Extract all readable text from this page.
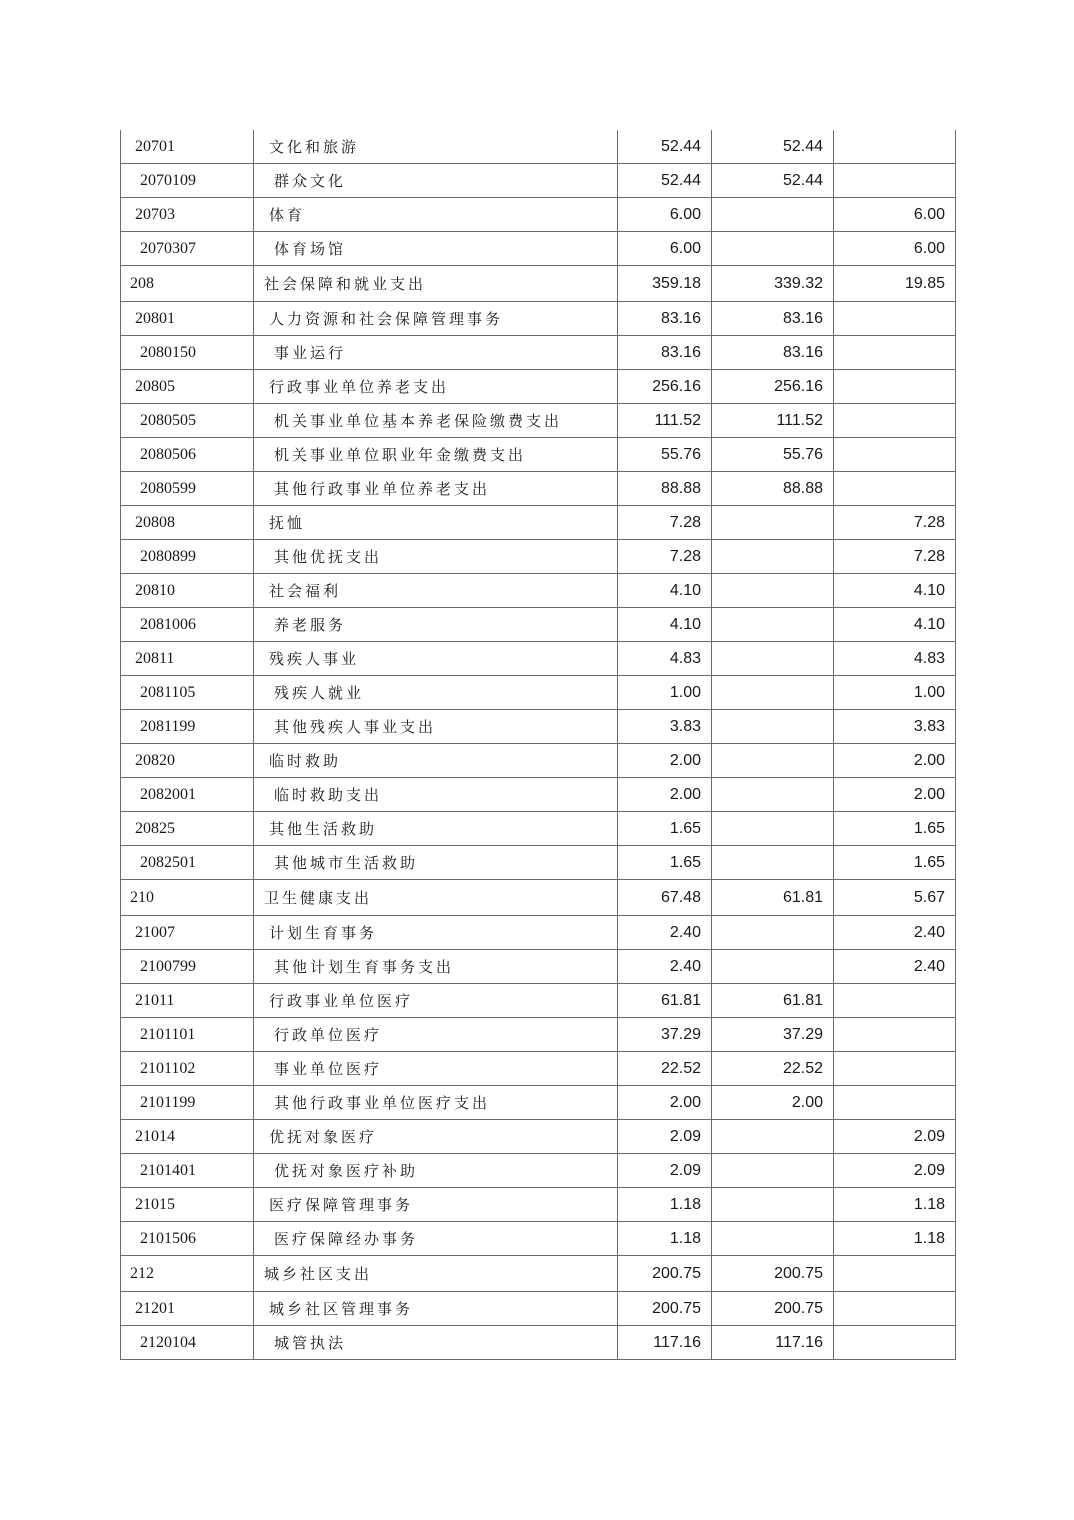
20701	文化和旅游	52.44	52.44	
2070109	群众文化	52.44	52.44	
20703	体育	6.00		6.00
2070307	体育场馆	6.00		6.00
208	社会保障和就业支出	359.18	339.32	19.85
20801	人力资源和社会保障管理事务	83.16	83.16	
2080150	事业运行	83.16	83.16	
20805	行政事业单位养老支出	256.16	256.16	
2080505	机关事业单位基本养老保险缴费支出	111.52	111.52	
2080506	机关事业单位职业年金缴费支出	55.76	55.76	
2080599	其他行政事业单位养老支出	88.88	88.88	
20808	抚恤	7.28		7.28
2080899	其他优抚支出	7.28		7.28
20810	社会福利	4.10		4.10
2081006	养老服务	4.10		4.10
20811	残疾人事业	4.83		4.83
2081105	残疾人就业	1.00		1.00
2081199	其他残疾人事业支出	3.83		3.83
20820	临时救助	2.00		2.00
2082001	临时救助支出	2.00		2.00
20825	其他生活救助	1.65		1.65
2082501	其他城市生活救助	1.65		1.65
210	卫生健康支出	67.48	61.81	5.67
21007	计划生育事务	2.40		2.40
2100799	其他计划生育事务支出	2.40		2.40
21011	行政事业单位医疗	61.81	61.81	
2101101	行政单位医疗	37.29	37.29	
2101102	事业单位医疗	22.52	22.52	
2101199	其他行政事业单位医疗支出	2.00	2.00	
21014	优抚对象医疗	2.09		2.09
2101401	优抚对象医疗补助	2.09		2.09
21015	医疗保障管理事务	1.18		1.18
2101506	医疗保障经办事务	1.18		1.18
212	城乡社区支出	200.75	200.75	
21201	城乡社区管理事务	200.75	200.75	
2120104	城管执法	117.16	117.16	
